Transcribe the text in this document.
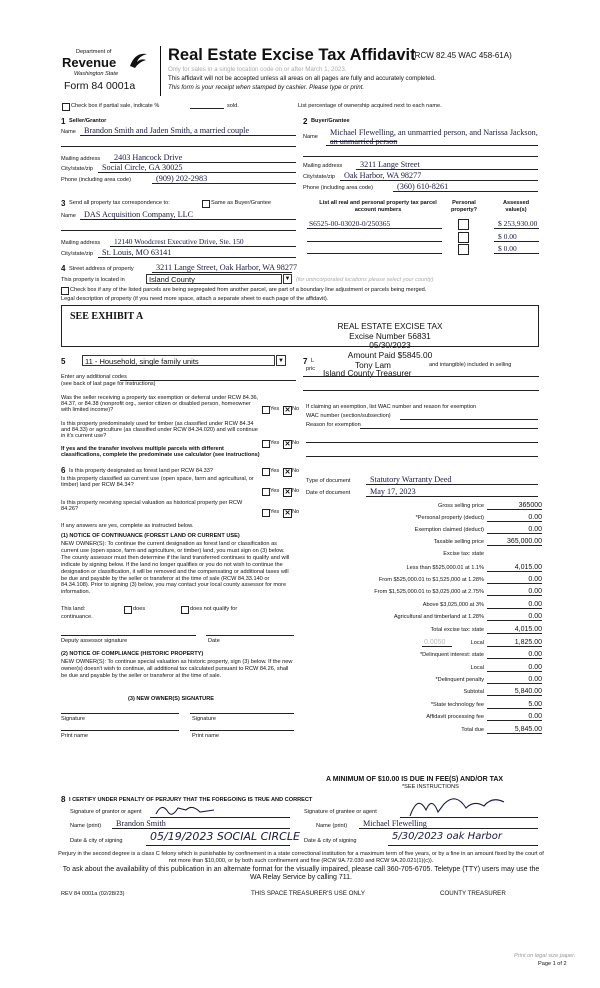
Department of
Revenue
Washington State
Form 84 0001a
Real Estate Excise Tax Affidavit
(RCW 82.45 WAC 458-61A)
Only for sales in a single location code on or after March 1, 2023.
This affidavit will not be accepted unless all areas on all pages are fully and accurately completed.
This form is your receipt when stamped by cashier. Please type or print.
Check box if partial sale, indicate %	sold.	List percentage of ownership acquired next to each name.
1 Seller/Grantor
Name Brandon Smith and Jaden Smith, a married couple
Mailing address 2403 Hancock Drive
City/state/zip Social Circle, GA 30025
Phone (including area code)	(909) 202-2983
2 Buyer/Grantee
Name Michael Flewelling, an unmarried person, and Narissa Jackson,
an unmarried person
Mailing address 3211 Lange Street
City/state/zip Oak Harbor, WA 98277
Phone (including area code)	(360) 610-8261
3 Send all property tax correspondence to:	Same as Buyer/Grantee
Name DAS Acquisition Company, LLC
Mailing address 12140 Woodcrest Executive Drive, Ste. 150
City/state/zip St. Louis, MO 63141
List all real and personal property tax parcel account numbers
Personal property?
Assessed value(s)
S6525-00-03020-0/250365	$ 253,930.00
$ 0.00
$ 0.00
4 Street address of property	3211 Lange Street, Oak Harbor, WA 98277
This property is located in	Island County	▼ (for unincorporated locations please select your county)
Check box if any of the listed parcels are being segregated from another parcel, are part of a boundary line adjustment or parcels being merged.
Legal description of property (if you need more space, attach a separate sheet to each page of the affidavit).
SEE EXHIBIT A
REAL ESTATE EXCISE TAX
Excise Number 56831
05/30/2023
Amount Paid $5845.00
Tony Lam
Island County Treasurer
5	11 - Household, single family units	▼
Enter any additional codes
(see back of last page for instructions)
Was the seller receiving a property tax exemption or deferral under RCW 84.36, 84.37, or 84.38 (nonprofit org., senior citizen or disabled person, homeowner with limited income)?	Yes ✕ No
Is this property predominately used for timber (as classified under RCW 84.34 and 84.33) or agriculture (as classified under RCW 84.34.020) and will continue in it's current use?
If yes and the transfer involves multiple parcels with different classifications, complete the predominate use calculator (see instructions)
Yes ✕ No
7 L
pric
and intangible) included in selling
If claiming an exemption, list WAC number and reason for exemption
WAC number (section/subsection)
Reason for exemption
6 Is this property designated as forest land per RCW 84.33?	Yes ✕ No
Is this property classified as current use (open space, farm and agricultural, or timber) land per RCW 84.34?
Yes ✕ No
Is this property receiving special valuation as historical property per RCW 84.26?	Yes ✕ No
If any answers are yes, complete as instructed below.
(1) NOTICE OF CONTINUANCE (FOREST LAND OR CURRENT USE)
NEW OWNER(S): To continue the current designation as forest land or classification as current use (open space, farm and agriculture, or timber) land, you must sign on (3) below. The county assessor must then determine if the land transferred continues to qualify and will indicate by signing below. If the land no longer qualifies or you do not wish to continue the designation or classification, it will be removed and the compensating or additional taxes will be due and payable by the seller or transferor at the time of sale (RCW 84.33.140 or 84.34.108). Prior to signing (3) below, you may contact your local county assessor for more information.
This land:	does	does not qualify for
continuance.
Deputy assessor signature	Date
(2) NOTICE OF COMPLIANCE (HISTORIC PROPERTY)
NEW OWNER(S): To continue special valuation as historic property, sign (3) below. If the new owner(s) doesn't wish to continue, all additional tax calculated pursuant to RCW 84.26, shall be due and payable by the seller or transferor at the time of sale.
(3) NEW OWNER(S) SIGNATURE
Signature	Signature
Print name	Print name
Type of document Statutory Warranty Deed
Date of document May 17, 2023
Gross selling price	365000
*Personal property (deduct)	0.00
Exemption claimed (deduct)	0.00
Taxable selling price	365,000.00
Excise tax: state
Less than $525,000.01 at 1.1%	4,015.00
From $525,000.01 to $1,525,000 at 1.28%	0.00
From $1,525,000.01 to $3,025,000 at 2.75%	0.00
Above $3,025,000 at 3%	0.00
Agricultural and timberland at 1.28%	0.00
Total excise tax: state	4,015.00
Local	1,825.00
0.0050
*Delinquent interest: state	0.00
Local	0.00
*Delinquent penalty	0.00
Subtotal	5,840.00
*State technology fee	5.00
Affidavit processing fee	0.00
Total due	5,845.00
A MINIMUM OF $10.00 IS DUE IN FEE(S) AND/OR TAX
*SEE INSTRUCTIONS
8 I CERTIFY UNDER PENALTY OF PERJURY THAT THE FOREGOING IS TRUE AND CORRECT
Signature of grantor or agent	Signature of grantee or agent
Name (print) Brandon Smith	Name (print) Michael Flewelling
Date & city of signing 05/19/2023 SOCIAL CIRCLE Date & city of signing	5/30/2023 oak Harbor
Perjury in the second degree is a class C felony which is punishable by confinement in a state correctional institution for a maximum term of five years, or by a fine in an amount fixed by the court of not more than $10,000, or by both such confinement and fine (RCW 9A.72.030 and RCW 9A.20.021(1)(c)).
To ask about the availability of this publication in an alternate format for the visually impaired, please call 360-705-6705. Teletype (TTY) users may use the WA Relay Service by calling 711.
REV 84 0001a (02/28/23)	THIS SPACE TREASURER'S USE ONLY	COUNTY TREASURER
Print on legal size paper.
Page 1 of 2
